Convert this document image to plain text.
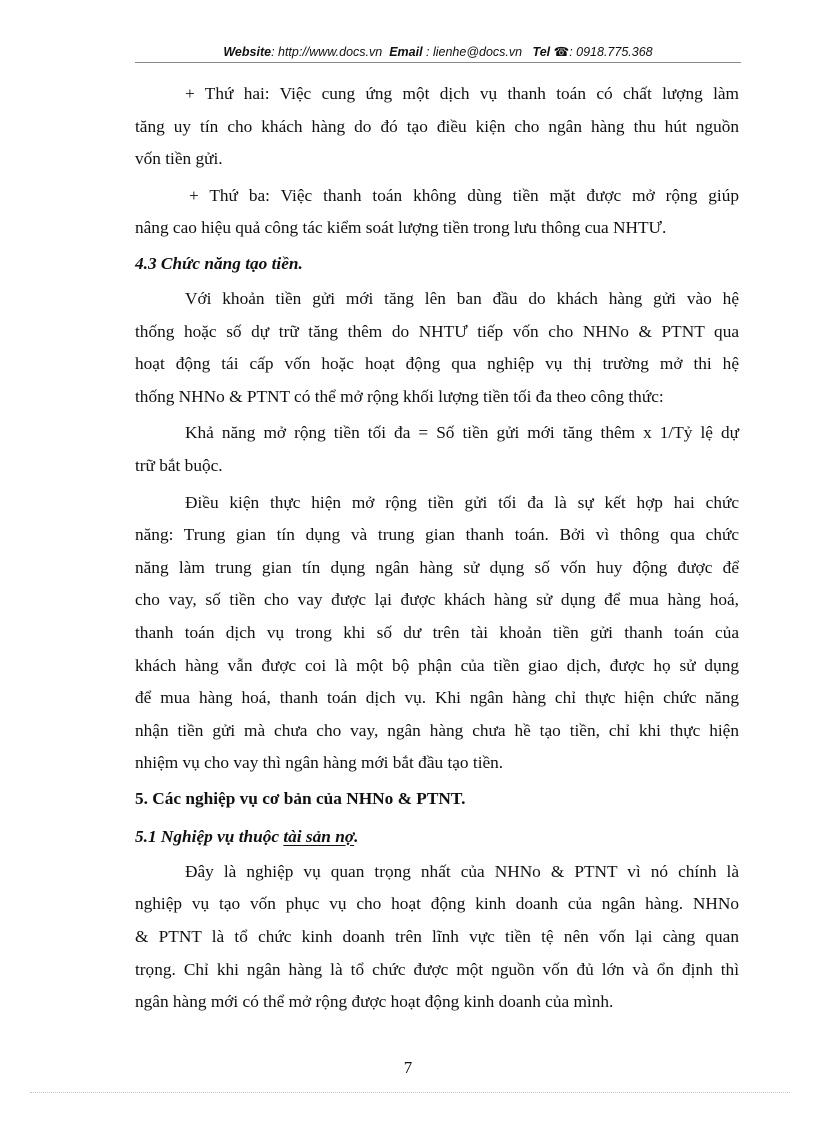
Website: http://www.docs.vn Email : lienhe@docs.vn Tel ☎: 0918.775.368
+ Thứ hai: Việc cung ứng một dịch vụ thanh toán có chất lượng làm
tăng uy tín cho khách hàng do đó tạo điều kiện cho ngân hàng thu hút nguồn
vốn tiền gửi.
+ Thứ ba: Việc thanh toán không dùng tiền mặt được mở rộng giúp
nâng cao hiệu quả công tác kiểm soát lượng tiền trong lưu thông cua NHTƯ.
4.3 Chức năng tạo tiền.
Với khoản tiền gửi mới tăng lên ban đầu do khách hàng gửi vào hệ
thống hoặc số dự trữ tăng thêm do NHTƯ tiếp vốn cho NHNo & PTNT qua
hoạt động tái cấp vốn hoặc hoạt động qua nghiệp vụ thị trường mở thi hệ
thống NHNo & PTNT có thể mở rộng khối lượng tiền tối đa theo công thức:
Khả năng mở rộng tiền tối đa = Số tiền gửi mới tăng thêm x 1/Tỷ lệ dự
trữ bắt buộc.
Điều kiện thực hiện mở rộng tiền gửi tối đa là sự kết hợp hai chức
năng: Trung gian tín dụng và trung gian thanh toán. Bởi vì thông qua chức
năng làm trung gian tín dụng ngân hàng sử dụng số vốn huy động được để
cho vay, số tiền cho vay được lại được khách hàng sử dụng để mua hàng hoá,
thanh toán dịch vụ trong khi số dư trên tài khoản tiền gửi thanh toán của
khách hàng vẫn được coi là một bộ phận của tiền giao dịch, được họ sử dụng
để mua hàng hoá, thanh toán dịch vụ. Khi ngân hàng chỉ thực hiện chức năng
nhận tiền gửi mà chưa cho vay, ngân hàng chưa hề tạo tiền, chỉ khi thực hiện
nhiệm vụ cho vay thì ngân hàng mới bắt đầu tạo tiền.
5. Các nghiệp vụ cơ bản của NHNo & PTNT.
5.1 Nghiệp vụ thuộc tài sản nợ.
Đây là nghiệp vụ quan trọng nhất của NHNo & PTNT vì nó chính là
nghiệp vụ tạo vốn phục vụ cho hoạt động kinh doanh của ngân hàng. NHNo
& PTNT là tổ chức kinh doanh trên lĩnh vực tiền tệ nên vốn lại càng quan
trọng. Chỉ khi ngân hàng là tổ chức được một nguồn vốn đủ lớn và ổn định thì
ngân hàng mới có thể mở rộng được hoạt động kinh doanh của mình.
7
